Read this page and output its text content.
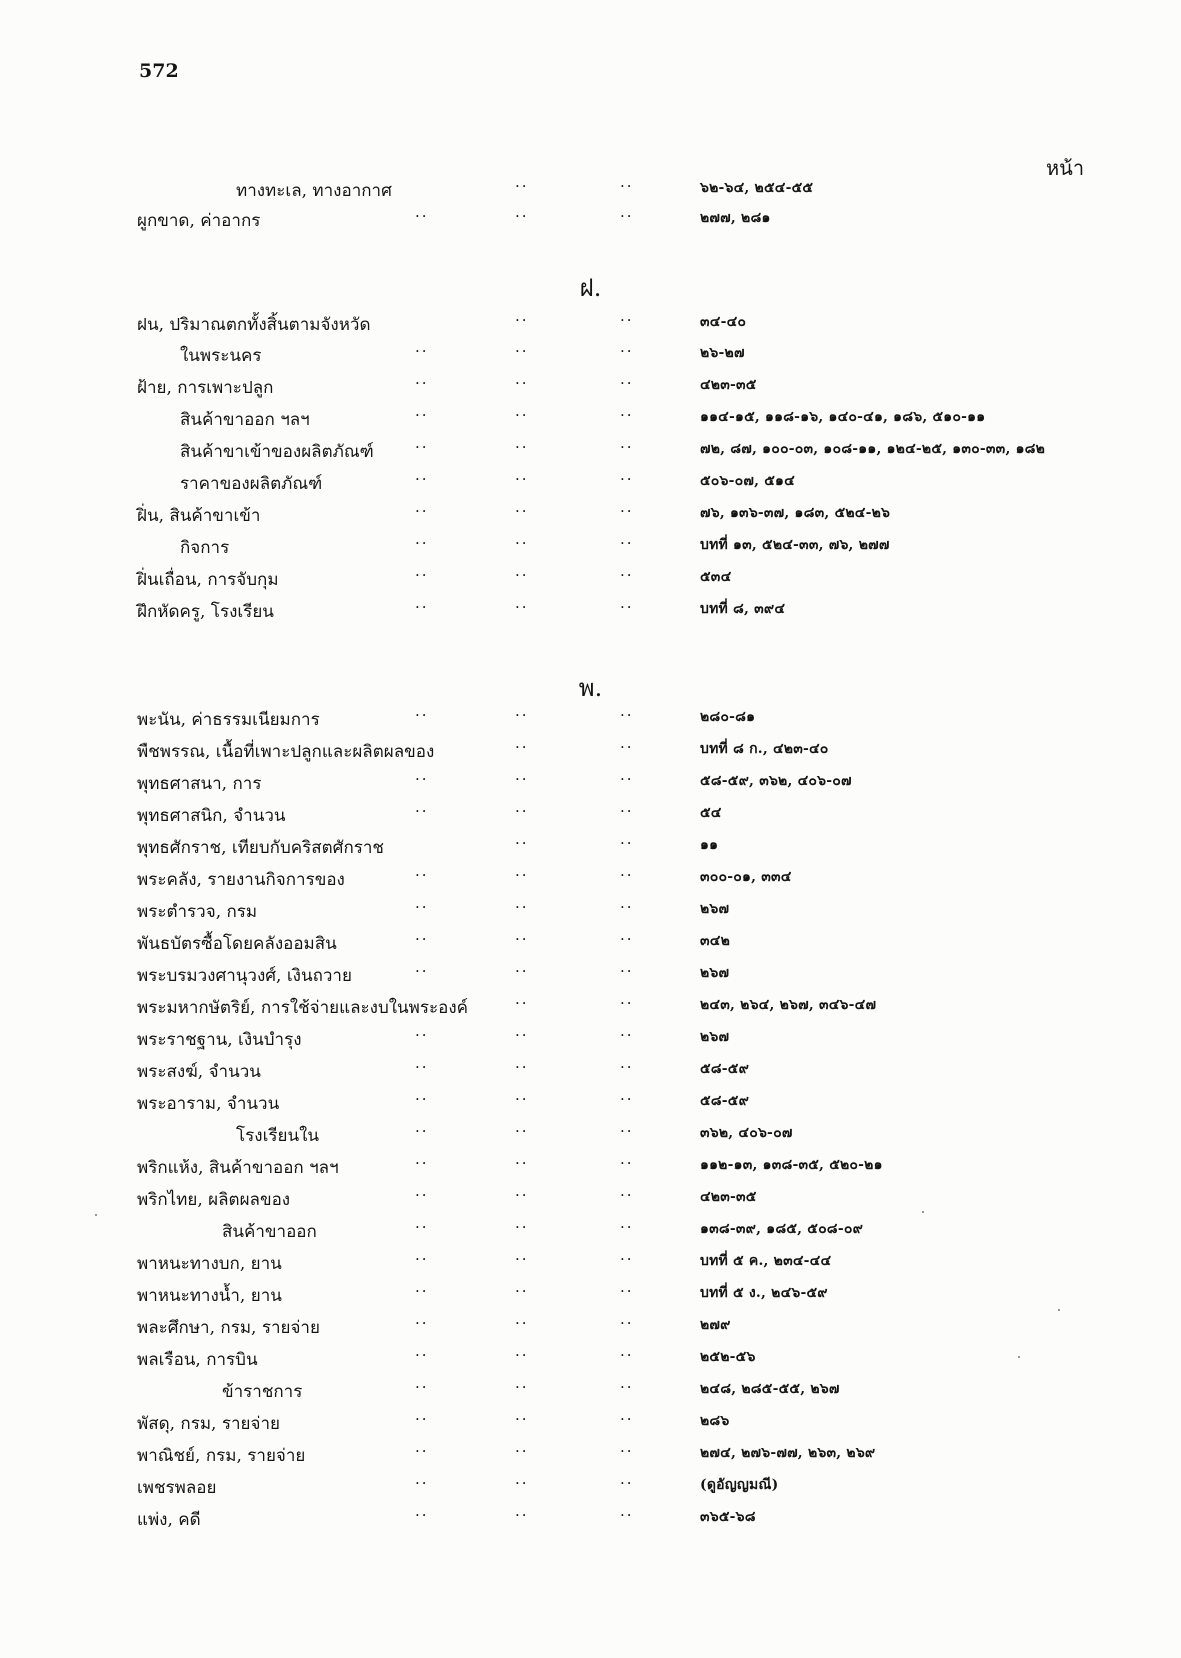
572
หน้า
ทางทะเล, ทางอากาศ	..	..	๖๒-๖๔, ๒๕๔-๕๕
ผูกขาด, ค่าอากร	..	..	..	๒๗๗, ๒๘๑
ฝ.
ฝน, ปริมาณตกทั้งสิ้นตามจังหวัด	..	..	๓๔-๔๐
ในพระนคร	..	..	..	๒๖-๒๗
ฝ้าย, การเพาะปลูก	..	..	..	๔๒๓-๓๕
สินค้าขาออก ฯลฯ	..	..	..	๑๑๔-๑๕, ๑๑๘-๑๖, ๑๔๐-๔๑, ๑๘๖, ๕๑๐-๑๑
สินค้าขาเข้าของผลิตภัณฑ์	..	..	..	๗๒, ๘๗, ๑๐๐-๐๓, ๑๐๘-๑๑, ๑๒๔-๒๕, ๑๓๐-๓๓, ๑๘๒
ราคาของผลิตภัณฑ์	..	..	..	๕๐๖-๐๗, ๕๑๔
ฝิ่น, สินค้าขาเข้า	..	..	..	๗๖, ๑๓๖-๓๗, ๑๘๓, ๕๒๔-๒๖
กิจการ	..	..	..	บทที่ ๑๓, ๕๒๔-๓๓, ๗๖, ๒๗๗
ฝิ่นเถื่อน, การจับกุม	..	..	..	๕๓๔
ฝึกหัดครู, โรงเรียน	..	..	..	บทที่ ๘, ๓๙๔
พ.
พะนัน, ค่าธรรมเนียมการ	..	..	..	๒๘๐-๘๑
พืชพรรณ, เนื้อที่เพาะปลูกและผลิตผลของ	..	..	บทที่ ๘ ก., ๔๒๓-๔๐
พุทธศาสนา, การ	..	..	..	๕๘-๕๙, ๓๖๒, ๔๐๖-๐๗
พุทธศาสนิก, จำนวน	..	..	..	๕๔
พุทธศักราช, เทียบกับคริสตศักราช	..	..	๑๑
พระคลัง, รายงานกิจการของ	..	..	..	๓๐๐-๐๑, ๓๓๔
พระตำรวจ, กรม	..	..	..	๒๖๗
พันธบัตรซื้อโดยคลังออมสิน	..	..	..	๓๔๒
พระบรมวงศานุวงศ์, เงินถวาย	..	..	..	๒๖๗
พระมหากษัตริย์, การใช้จ่ายและงบในพระองค์	..	..	๒๔๓, ๒๖๔, ๒๖๗, ๓๔๖-๔๗
พระราชฐาน, เงินบำรุง	..	..	..	๒๖๗
พระสงฆ์, จำนวน	..	..	..	๕๘-๕๙
พระอาราม, จำนวน	..	..	..	๕๘-๕๙
โรงเรียนใน	..	..	..	๓๖๒, ๔๐๖-๐๗
พริกแห้ง, สินค้าขาออก ฯลฯ	..	..	..	๑๑๒-๑๓, ๑๓๘-๓๕, ๕๒๐-๒๑
พริกไทย, ผลิตผลของ	..	..	..	๔๒๓-๓๕
สินค้าขาออก	..	..	..	๑๓๘-๓๙, ๑๘๕, ๕๐๘-๐๙
พาหนะทางบก, ยาน	..	..	..	บทที่ ๕ ค., ๒๓๔-๔๔
พาหนะทางน้ำ, ยาน	..	..	..	บทที่ ๕ ง., ๒๔๖-๕๙
พละศึกษา, กรม, รายจ่าย	..	..	..	๒๗๙
พลเรือน, การบิน	..	..	..	๒๕๒-๕๖
ข้าราชการ	..	..	..	๒๔๘, ๒๘๕-๕๕, ๒๖๗
พัสดุ, กรม, รายจ่าย	..	..	..	๒๘๖
พาณิชย์, กรม, รายจ่าย	..	..	..	๒๗๔, ๒๗๖-๗๗, ๒๖๓, ๒๖๙
เพชรพลอย	..	..	..	(ดูอัญญมณี)
แพ่ง, คดี	..	..	..	๓๖๕-๖๘
